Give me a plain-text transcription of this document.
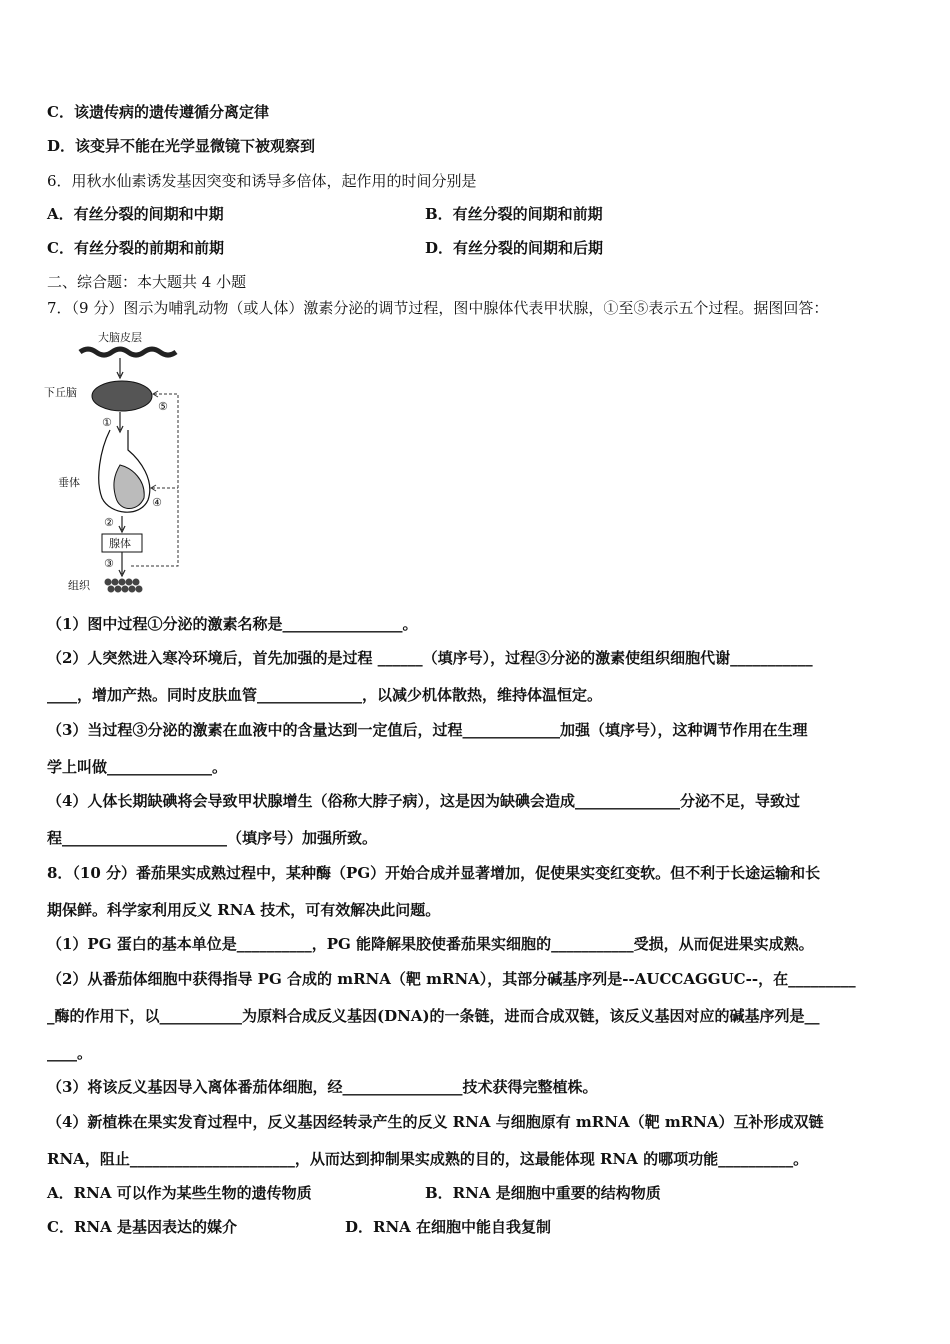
C．该遗传病的遗传遵循分离定律
D．该变异不能在光学显微镜下被观察到
6．用秋水仙素诱发基因突变和诱导多倍体，起作用的时间分别是
A．有丝分裂的间期和中期	B．有丝分裂的间期和前期
C．有丝分裂的前期和前期	D．有丝分裂的间期和后期
二、综合题：本大题共 4 小题
7．（9 分）图示为哺乳动物（或人体）激素分泌的调节过程，图中腺体代表甲状腺，①至⑤表示五个过程。据图回答：
大脑皮层
下丘脑
⑤
④
①
垂体
②
腺体
③
组织
（1）图中过程①分泌的激素名称是________________。
（2）人突然进入寒冷环境后，首先加强的是过程 ______（填序号），过程③分泌的激素使组织细胞代谢___________
____，增加产热。同时皮肤血管______________，以减少机体散热，维持体温恒定。
（3）当过程③分泌的激素在血液中的含量达到一定值后，过程_____________加强（填序号），这种调节作用在生理
学上叫做______________。
（4）人体长期缺碘将会导致甲状腺增生（俗称大脖子病），这是因为缺碘会造成______________分泌不足，导致过
程______________________（填序号）加强所致。
8．（10 分）番茄果实成熟过程中，某种酶（PG）开始合成并显著增加，促使果实变红变软。但不利于长途运输和长
期保鲜。科学家利用反义 RNA 技术，可有效解决此问题。
（1）PG 蛋白的基本单位是__________，PG 能降解果胶使番茄果实细胞的___________受损，从而促进果实成熟。
（2）从番茄体细胞中获得指导 PG 合成的 mRNA（靶 mRNA），其部分碱基序列是--AUCCAGGUC--，在_________
_酶的作用下，以___________为原料合成反义基因(DNA)的一条链，进而合成双链，该反义基因对应的碱基序列是__
____。
（3）将该反义基因导入离体番茄体细胞，经________________技术获得完整植株。
（4）新植株在果实发育过程中，反义基因经转录产生的反义 RNA 与细胞原有 mRNA（靶 mRNA）互补形成双链
RNA，阻止______________________，从而达到抑制果实成熟的目的，这最能体现 RNA 的哪项功能__________。
A．RNA 可以作为某些生物的遗传物质	B．RNA 是细胞中重要的结构物质
C．RNA 是基因表达的媒介	D．RNA 在细胞中能自我复制
